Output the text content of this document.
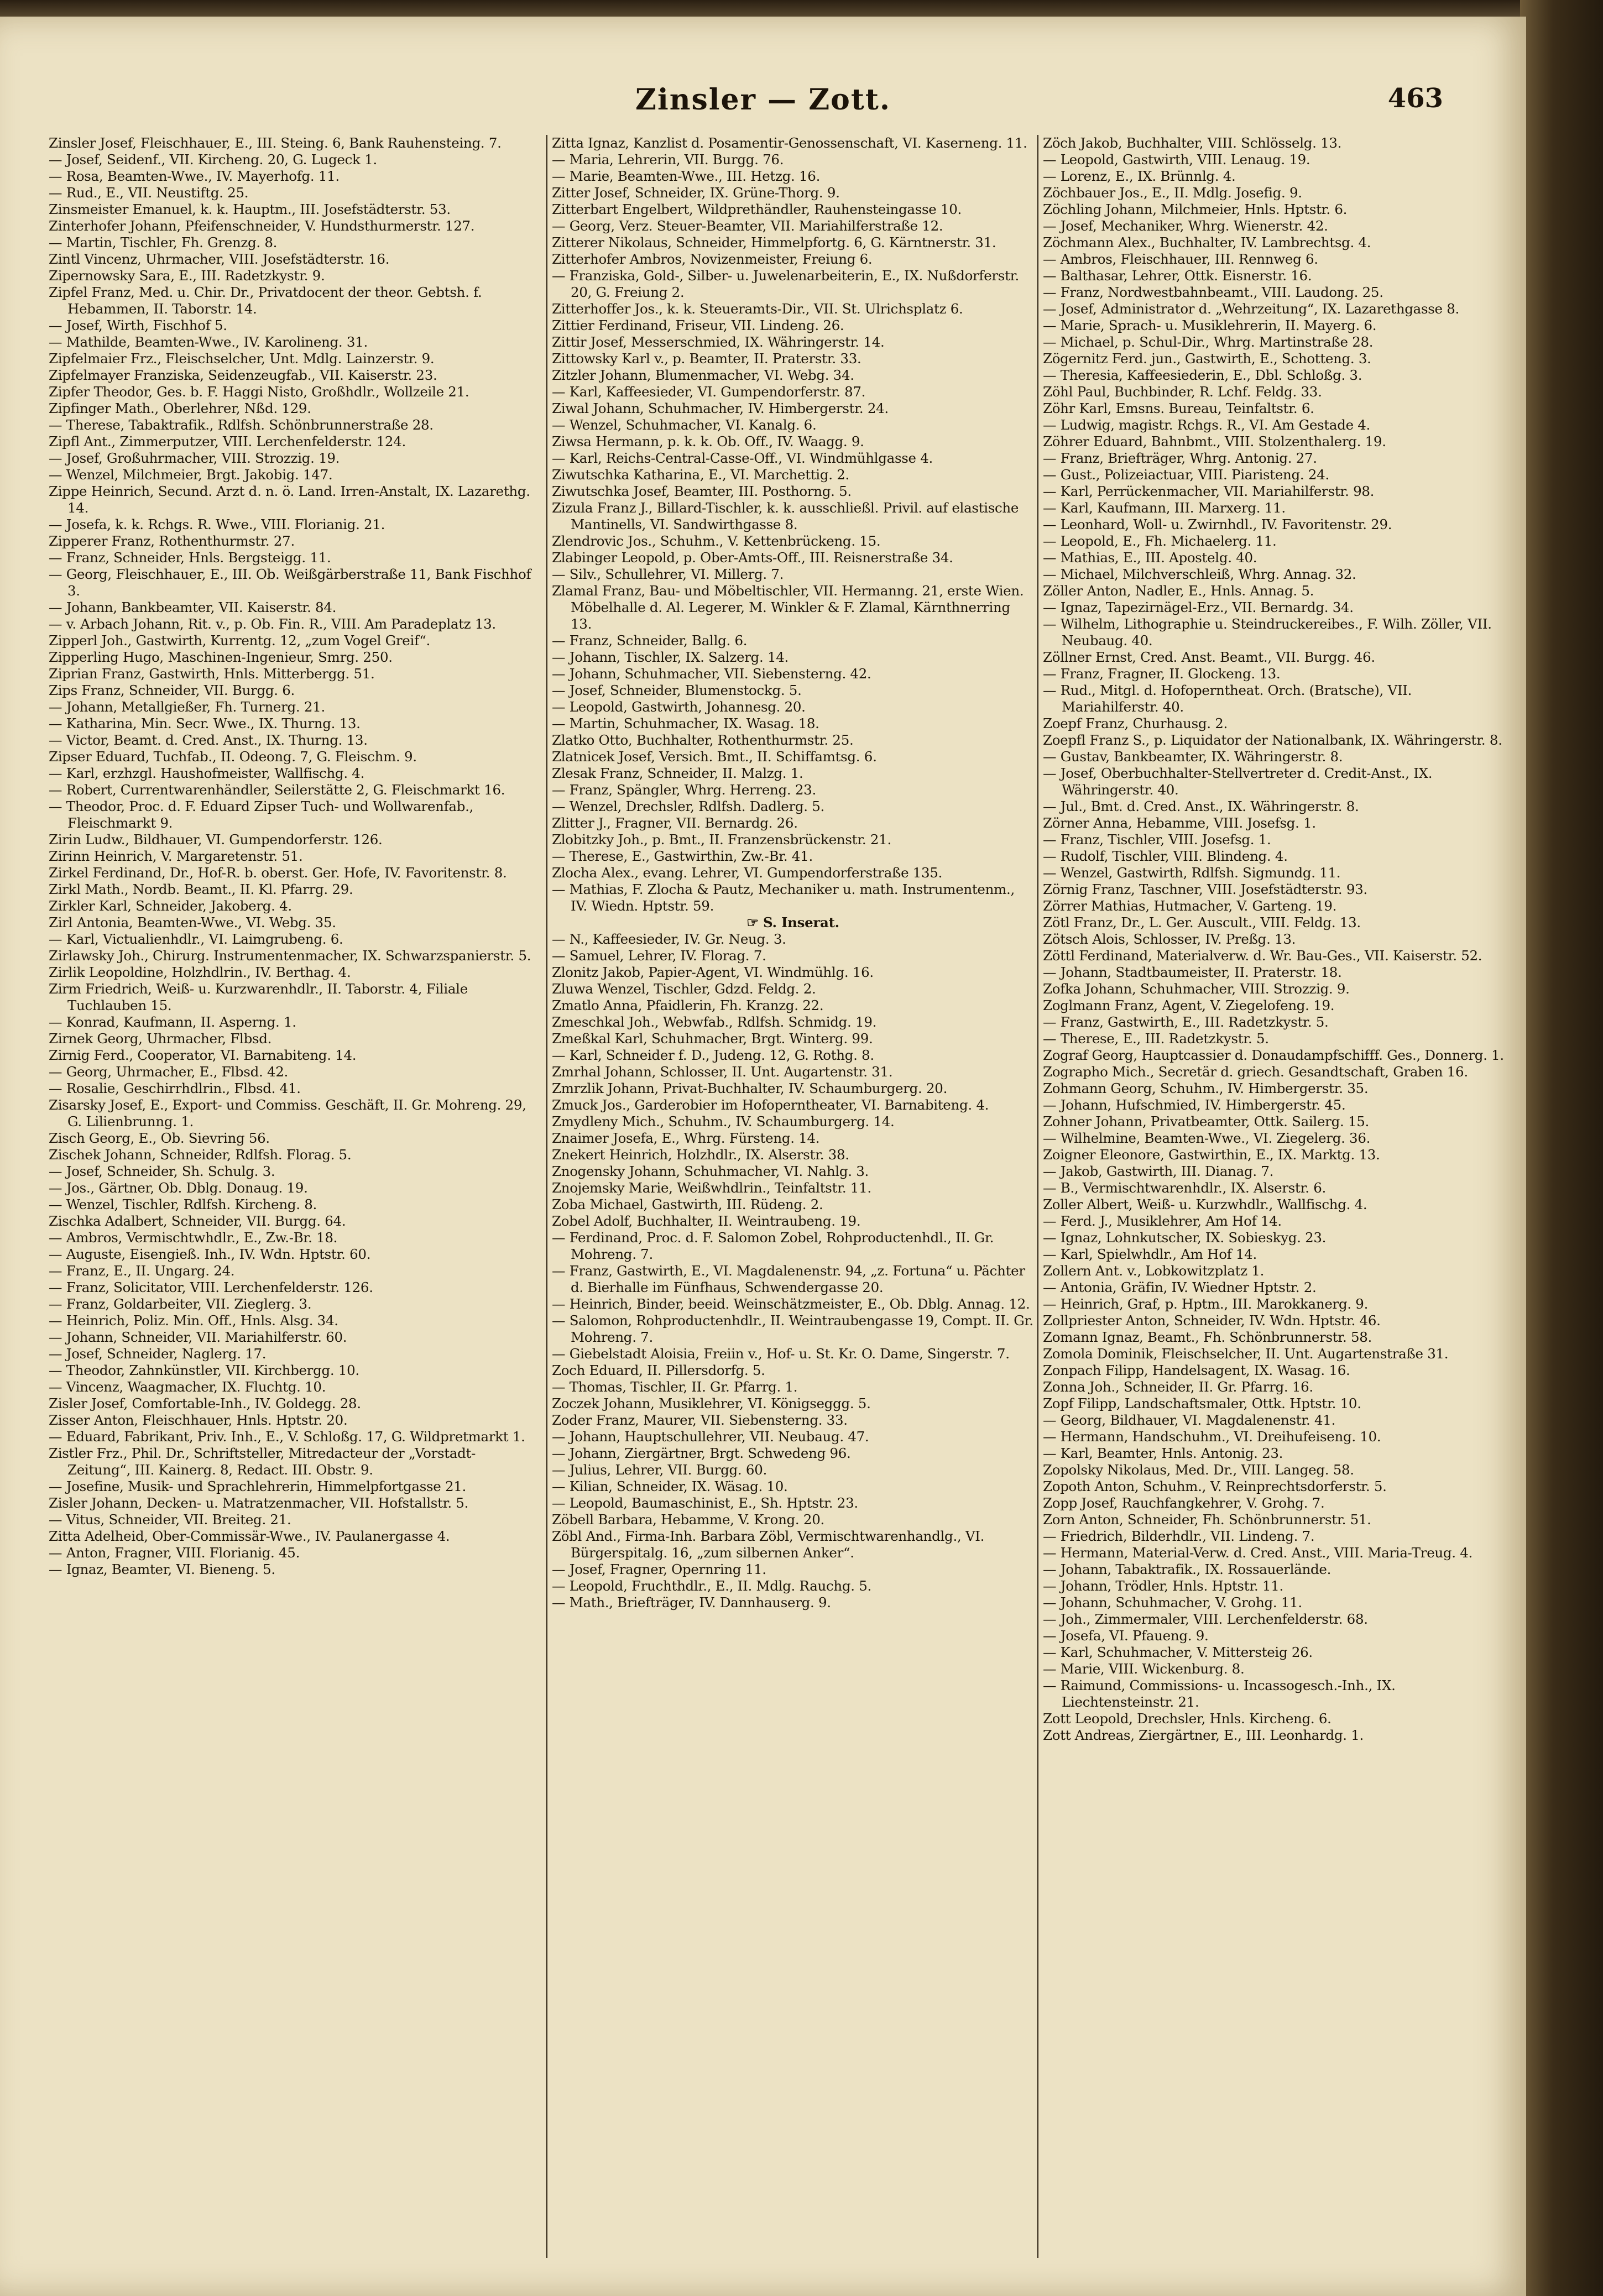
Zinsler — Zott.	463

Zinsler Josef, Fleischhauer, E., III. Steing. 6, Bank Rauhensteing. 7.

— Josef, Seidenf., VII. Kircheng. 20, G. Lugeck 1.

— Rosa, Beamten-Wwe., IV. Mayerhofg. 11.

— Rud., E., VII. Neustiftg. 25.

Zinsmeister Emanuel, k. k. Hauptm., III. Josefstädterstr. 53.

Zinterhofer Johann, Pfeifenschneider, V. Hundsthurmerstr. 127.

— Martin, Tischler, Fh. Grenzg. 8.

Zintl Vincenz, Uhrmacher, VIII. Josefstädterstr. 16.

Zipernowsky Sara, E., III. Radetzkystr. 9.

Zipfel Franz, Med. u. Chir. Dr., Privatdocent der theor. Gebtsh. f. Hebammen, II. Taborstr. 14.

— Josef, Wirth, Fischhof 5.

— Mathilde, Beamten-Wwe., IV. Karolineng. 31.

Zipfelmaier Frz., Fleischselcher, Unt. Mdlg. Lainzerstr. 9.

Zipfelmayer Franziska, Seidenzeugfab., VII. Kaiserstr. 23.

Zipfer Theodor, Ges. b. F. Haggi Nisto, Großhdlr., Wollzeile 21.

Zipfinger Math., Oberlehrer, Nßd. 129.

— Therese, Tabaktrafik., Rdlfsh. Schönbrunnerstraße 28.

Zipfl Ant., Zimmerputzer, VIII. Lerchenfelderstr. 124.

— Josef, Großuhrmacher, VIII. Strozzig. 19.

— Wenzel, Milchmeier, Brgt. Jakobig. 147.

Zippe Heinrich, Secund. Arzt d. n. ö. Land. Irren-Anstalt, IX. Lazarethg. 14.

— Josefa, k. k. Rchgs. R. Wwe., VIII. Florianig. 21.

Zipperer Franz, Rothenthurmstr. 27.

— Franz, Schneider, Hnls. Bergsteigg. 11.

— Georg, Fleischhauer, E., III. Ob. Weißgärberstraße 11, Bank Fischhof 3.

— Johann, Bankbeamter, VII. Kaiserstr. 84.

— v. Arbach Johann, Rit. v., p. Ob. Fin. R., VIII. Am Paradeplatz 13.

Zipperl Joh., Gastwirth, Kurrentg. 12, „zum Vogel Greif“.

Zipperling Hugo, Maschinen-Ingenieur, Smrg. 250.

Ziprian Franz, Gastwirth, Hnls. Mitterbergg. 51.

Zips Franz, Schneider, VII. Burgg. 6.

— Johann, Metallgießer, Fh. Turnerg. 21.

— Katharina, Min. Secr. Wwe., IX. Thurng. 13.

— Victor, Beamt. d. Cred. Anst., IX. Thurng. 13.

Zipser Eduard, Tuchfab., II. Odeong. 7, G. Fleischm. 9.

— Karl, erzhzgl. Haushofmeister, Wallfischg. 4.

— Robert, Currentwarenhändler, Seilerstätte 2, G. Fleischmarkt 16.

— Theodor, Proc. d. F. Eduard Zipser Tuch- und Wollwarenfab., Fleischmarkt 9.

Zirin Ludw., Bildhauer, VI. Gumpendorferstr. 126.

Zirinn Heinrich, V. Margaretenstr. 51.

Zirkel Ferdinand, Dr., Hof-R. b. oberst. Ger. Hofe, IV. Favoritenstr. 8.

Zirkl Math., Nordb. Beamt., II. Kl. Pfarrg. 29.

Zirkler Karl, Schneider, Jakoberg. 4.

Zirl Antonia, Beamten-Wwe., VI. Webg. 35.

— Karl, Victualienhdlr., VI. Laimgrubeng. 6.

Zirlawsky Joh., Chirurg. Instrumentenmacher, IX. Schwarzspanierstr. 5.

Zirlik Leopoldine, Holzhdlrin., IV. Berthag. 4.

Zirm Friedrich, Weiß- u. Kurzwarenhdlr., II. Taborstr. 4, Filiale Tuchlauben 15.

— Konrad, Kaufmann, II. Asperng. 1.

Zirnek Georg, Uhrmacher, Flbsd.

Zirnig Ferd., Cooperator, VI. Barnabiteng. 14.

— Georg, Uhrmacher, E., Flbsd. 42.

— Rosalie, Geschirrhdlrin., Flbsd. 41.

Zisarsky Josef, E., Export- und Commiss. Geschäft, II. Gr. Mohreng. 29, G. Lilienbrunng. 1.

Zisch Georg, E., Ob. Sievring 56.

Zischek Johann, Schneider, Rdlfsh. Florag. 5.

— Josef, Schneider, Sh. Schulg. 3.

— Jos., Gärtner, Ob. Dblg. Donaug. 19.

— Wenzel, Tischler, Rdlfsh. Kircheng. 8.

Zischka Adalbert, Schneider, VII. Burgg. 64.

— Ambros, Vermischtwhdlr., E., Zw.-Br. 18.

— Auguste, Eisengieß. Inh., IV. Wdn. Hptstr. 60.

— Franz, E., II. Ungarg. 24.

— Franz, Solicitator, VIII. Lerchenfelderstr. 126.

— Franz, Goldarbeiter, VII. Zieglerg. 3.

— Heinrich, Poliz. Min. Off., Hnls. Alsg. 34.

— Johann, Schneider, VII. Mariahilferstr. 60.

— Josef, Schneider, Naglerg. 17.

— Theodor, Zahnkünstler, VII. Kirchbergg. 10.

— Vincenz, Waagmacher, IX. Fluchtg. 10.

Zisler Josef, Comfortable-Inh., IV. Goldegg. 28.

Zisser Anton, Fleischhauer, Hnls. Hptstr. 20.

— Eduard, Fabrikant, Priv. Inh., E., V. Schloßg. 17, G. Wildpretmarkt 1.

Zistler Frz., Phil. Dr., Schriftsteller, Mitredacteur der „Vorstadt-Zeitung“, III. Kainerg. 8, Redact. III. Obstr. 9.

— Josefine, Musik- und Sprachlehrerin, Himmelpfortgasse 21.

Zisler Johann, Decken- u. Matratzenmacher, VII. Hofstallstr. 5.

— Vitus, Schneider, VII. Breiteg. 21.

Zitta Adelheid, Ober-Commissär-Wwe., IV. Paulanergasse 4.

— Anton, Fragner, VIII. Florianig. 45.

— Ignaz, Beamter, VI. Bieneng. 5.

Zitta Ignaz, Kanzlist d. Posamentir-Genossenschaft, VI. Kaserneng. 11.

— Maria, Lehrerin, VII. Burgg. 76.

— Marie, Beamten-Wwe., III. Hetzg. 16.

Zitter Josef, Schneider, IX. Grüne-Thorg. 9.

Zitterbart Engelbert, Wildprethändler, Rauhensteingasse 10.

— Georg, Verz. Steuer-Beamter, VII. Mariahilferstraße 12.

Zitterer Nikolaus, Schneider, Himmelpfortg. 6, G. Kärntnerstr. 31.

Zitterhofer Ambros, Novizenmeister, Freiung 6.

— Franziska, Gold-, Silber- u. Juwelenarbeiterin, E., IX. Nußdorferstr. 20, G. Freiung 2.

Zitterhoffer Jos., k. k. Steueramts-Dir., VII. St. Ulrichsplatz 6.

Zittier Ferdinand, Friseur, VII. Lindeng. 26.

Zittir Josef, Messerschmied, IX. Währingerstr. 14.

Zittowsky Karl v., p. Beamter, II. Praterstr. 33.

Zitzler Johann, Blumenmacher, VI. Webg. 34.

— Karl, Kaffeesieder, VI. Gumpendorferstr. 87.

Ziwal Johann, Schuhmacher, IV. Himbergerstr. 24.

— Wenzel, Schuhmacher, VI. Kanalg. 6.

Ziwsa Hermann, p. k. k. Ob. Off., IV. Waagg. 9.

— Karl, Reichs-Central-Casse-Off., VI. Windmühlgasse 4.

Ziwutschka Katharina, E., VI. Marchettig. 2.

Ziwutschka Josef, Beamter, III. Posthorng. 5.

Zizula Franz J., Billard-Tischler, k. k. ausschließl. Privil. auf elastische Mantinells, VI. Sandwirthgasse 8.

Zlendrovic Jos., Schuhm., V. Kettenbrückeng. 15.

Zlabinger Leopold, p. Ober-Amts-Off., III. Reisnerstraße 34.

— Silv., Schullehrer, VI. Millerg. 7.

Zlamal Franz, Bau- und Möbeltischler, VII. Hermanng. 21, erste Wien. Möbelhalle d. Al. Legerer, M. Winkler & F. Zlamal, Kärnthnerring 13.

— Franz, Schneider, Ballg. 6.

— Johann, Tischler, IX. Salzerg. 14.

— Johann, Schuhmacher, VII. Siebensterng. 42.

— Josef, Schneider, Blumenstockg. 5.

— Leopold, Gastwirth, Johannesg. 20.

— Martin, Schuhmacher, IX. Wasag. 18.

Zlatko Otto, Buchhalter, Rothenthurmstr. 25.

Zlatnicek Josef, Versich. Bmt., II. Schiffamtsg. 6.

Zlesak Franz, Schneider, II. Malzg. 1.

— Franz, Spängler, Whrg. Herreng. 23.

— Wenzel, Drechsler, Rdlfsh. Dadlerg. 5.

Zlitter J., Fragner, VII. Bernardg. 26.

Zlobitzky Joh., p. Bmt., II. Franzensbrückenstr. 21.

— Therese, E., Gastwirthin, Zw.-Br. 41.

Zlocha Alex., evang. Lehrer, VI. Gumpendorferstraße 135.

— Mathias, F. Zlocha & Pautz, Mechaniker u. math. Instrumentenm., IV. Wiedn. Hptstr. 59.

☞ S. Inserat.

— N., Kaffeesieder, IV. Gr. Neug. 3.

— Samuel, Lehrer, IV. Florag. 7.

Zlonitz Jakob, Papier-Agent, VI. Windmühlg. 16.

Zluwa Wenzel, Tischler, Gdzd. Feldg. 2.

Zmatlo Anna, Pfaidlerin, Fh. Kranzg. 22.

Zmeschkal Joh., Webwfab., Rdlfsh. Schmidg. 19.

Zmeßkal Karl, Schuhmacher, Brgt. Winterg. 99.

— Karl, Schneider f. D., Judeng. 12, G. Rothg. 8.

Zmrhal Johann, Schlosser, II. Unt. Augartenstr. 31.

Zmrzlik Johann, Privat-Buchhalter, IV. Schaumburgerg. 20.

Zmuck Jos., Garderobier im Hofoperntheater, VI. Barnabiteng. 4.

Zmydleny Mich., Schuhm., IV. Schaumburgerg. 14.

Znaimer Josefa, E., Whrg. Fürsteng. 14.

Znekert Heinrich, Holzhdlr., IX. Alserstr. 38.

Znogensky Johann, Schuhmacher, VI. Nahlg. 3.

Znojemsky Marie, Weißwhdlrin., Teinfaltstr. 11.

Zoba Michael, Gastwirth, III. Rüdeng. 2.

Zobel Adolf, Buchhalter, II. Weintraubeng. 19.

— Ferdinand, Proc. d. F. Salomon Zobel, Rohproductenhdl., II. Gr. Mohreng. 7.

— Franz, Gastwirth, E., VI. Magdalenenstr. 94, „z. Fortuna“ u. Pächter d. Bierhalle im Fünfhaus, Schwendergasse 20.

— Heinrich, Binder, beeid. Weinschätzmeister, E., Ob. Dblg. Annag. 12.

— Salomon, Rohproductenhdlr., II. Weintraubengasse 19, Compt. II. Gr. Mohreng. 7.

— Giebelstadt Aloisia, Freiin v., Hof- u. St. Kr. O. Dame, Singerstr. 7.

Zoch Eduard, II. Pillersdorfg. 5.

— Thomas, Tischler, II. Gr. Pfarrg. 1.

Zoczek Johann, Musiklehrer, VI. Königseggg. 5.

Zoder Franz, Maurer, VII. Siebensterng. 33.

— Johann, Hauptschullehrer, VII. Neubaug. 47.

— Johann, Ziergärtner, Brgt. Schwedeng 96.

— Julius, Lehrer, VII. Burgg. 60.

— Kilian, Schneider, IX. Wäsag. 10.

— Leopold, Baumaschinist, E., Sh. Hptstr. 23.

Zöbell Barbara, Hebamme, V. Krong. 20.

Zöbl And., Firma-Inh. Barbara Zöbl, Vermischtwarenhandlg., VI. Bürgerspitalg. 16, „zum silbernen Anker“.

— Josef, Fragner, Opernring 11.

— Leopold, Fruchthdlr., E., II. Mdlg. Rauchg. 5.

— Math., Briefträger, IV. Dannhauserg. 9.

Zöch Jakob, Buchhalter, VIII. Schlösselg. 13.

— Leopold, Gastwirth, VIII. Lenaug. 19.

— Lorenz, E., IX. Brünnlg. 4.

Zöchbauer Jos., E., II. Mdlg. Josefig. 9.

Zöchling Johann, Milchmeier, Hnls. Hptstr. 6.

— Josef, Mechaniker, Whrg. Wienerstr. 42.

Zöchmann Alex., Buchhalter, IV. Lambrechtsg. 4.

— Ambros, Fleischhauer, III. Rennweg 6.

— Balthasar, Lehrer, Ottk. Eisnerstr. 16.

— Franz, Nordwestbahnbeamt., VIII. Laudong. 25.

— Josef, Administrator d. „Wehrzeitung“, IX. Lazarethgasse 8.

— Marie, Sprach- u. Musiklehrerin, II. Mayerg. 6.

— Michael, p. Schul-Dir., Whrg. Martinstraße 28.

Zögernitz Ferd. jun., Gastwirth, E., Schotteng. 3.

— Theresia, Kaffeesiederin, E., Dbl. Schloßg. 3.

Zöhl Paul, Buchbinder, R. Lchf. Feldg. 33.

Zöhr Karl, Emsns. Bureau, Teinfaltstr. 6.

— Ludwig, magistr. Rchgs. R., VI. Am Gestade 4.

Zöhrer Eduard, Bahnbmt., VIII. Stolzenthalerg. 19.

— Franz, Briefträger, Whrg. Antonig. 27.

— Gust., Polizeiactuar, VIII. Piaristeng. 24.

— Karl, Perrückenmacher, VII. Mariahilferstr. 98.

— Karl, Kaufmann, III. Marxerg. 11.

— Leonhard, Woll- u. Zwirnhdl., IV. Favoritenstr. 29.

— Leopold, E., Fh. Michaelerg. 11.

— Mathias, E., III. Apostelg. 40.

— Michael, Milchverschleiß, Whrg. Annag. 32.

Zöller Anton, Nadler, E., Hnls. Annag. 5.

— Ignaz, Tapezirnägel-Erz., VII. Bernardg. 34.

— Wilhelm, Lithographie u. Steindruckereibes., F. Wilh. Zöller, VII. Neubaug. 40.

Zöllner Ernst, Cred. Anst. Beamt., VII. Burgg. 46.

— Franz, Fragner, II. Glockeng. 13.

— Rud., Mitgl. d. Hofoperntheat. Orch. (Bratsche), VII. Mariahilferstr. 40.

Zoepf Franz, Churhausg. 2.

Zoepfl Franz S., p. Liquidator der Nationalbank, IX. Währingerstr. 8.

— Gustav, Bankbeamter, IX. Währingerstr. 8.

— Josef, Oberbuchhalter-Stellvertreter d. Credit-Anst., IX. Währingerstr. 40.

— Jul., Bmt. d. Cred. Anst., IX. Währingerstr. 8.

Zörner Anna, Hebamme, VIII. Josefsg. 1.

— Franz, Tischler, VIII. Josefsg. 1.

— Rudolf, Tischler, VIII. Blindeng. 4.

— Wenzel, Gastwirth, Rdlfsh. Sigmundg. 11.

Zörnig Franz, Taschner, VIII. Josefstädterstr. 93.

Zörrer Mathias, Hutmacher, V. Garteng. 19.

Zötl Franz, Dr., L. Ger. Auscult., VIII. Feldg. 13.

Zötsch Alois, Schlosser, IV. Preßg. 13.

Zöttl Ferdinand, Materialverw. d. Wr. Bau-Ges., VII. Kaiserstr. 52.

— Johann, Stadtbaumeister, II. Praterstr. 18.

Zofka Johann, Schuhmacher, VIII. Strozzig. 9.

Zoglmann Franz, Agent, V. Ziegelofeng. 19.

— Franz, Gastwirth, E., III. Radetzkystr. 5.

— Therese, E., III. Radetzkystr. 5.

Zograf Georg, Hauptcassier d. Donaudampfschifff. Ges., Donnerg. 1.

Zographo Mich., Secretär d. griech. Gesandtschaft, Graben 16.

Zohmann Georg, Schuhm., IV. Himbergerstr. 35.

— Johann, Hufschmied, IV. Himbergerstr. 45.

Zohner Johann, Privatbeamter, Ottk. Sailerg. 15.

— Wilhelmine, Beamten-Wwe., VI. Ziegelerg. 36.

Zoigner Eleonore, Gastwirthin, E., IX. Marktg. 13.

— Jakob, Gastwirth, III. Dianag. 7.

— B., Vermischtwarenhdlr., IX. Alserstr. 6.

Zoller Albert, Weiß- u. Kurzwhdlr., Wallfischg. 4.

— Ferd. J., Musiklehrer, Am Hof 14.

— Ignaz, Lohnkutscher, IX. Sobieskyg. 23.

— Karl, Spielwhdlr., Am Hof 14.

Zollern Ant. v., Lobkowitzplatz 1.

— Antonia, Gräfin, IV. Wiedner Hptstr. 2.

— Heinrich, Graf, p. Hptm., III. Marokkanerg. 9.

Zollpriester Anton, Schneider, IV. Wdn. Hptstr. 46.

Zomann Ignaz, Beamt., Fh. Schönbrunnerstr. 58.

Zomola Dominik, Fleischselcher, II. Unt. Augartenstraße 31.

Zonpach Filipp, Handelsagent, IX. Wasag. 16.

Zonna Joh., Schneider, II. Gr. Pfarrg. 16.

Zopf Filipp, Landschaftsmaler, Ottk. Hptstr. 10.

— Georg, Bildhauer, VI. Magdalenenstr. 41.

— Hermann, Handschuhm., VI. Dreihufeiseng. 10.

— Karl, Beamter, Hnls. Antonig. 23.

Zopolsky Nikolaus, Med. Dr., VIII. Langeg. 58.

Zopoth Anton, Schuhm., V. Reinprechtsdorferstr. 5.

Zopp Josef, Rauchfangkehrer, V. Grohg. 7.

Zorn Anton, Schneider, Fh. Schönbrunnerstr. 51.

— Friedrich, Bilderhdlr., VII. Lindeng. 7.

— Hermann, Material-Verw. d. Cred. Anst., VIII. Maria-Treug. 4.

— Johann, Tabaktrafik., IX. Rossauerlände.

— Johann, Trödler, Hnls. Hptstr. 11.

— Johann, Schuhmacher, V. Grohg. 11.

— Joh., Zimmermaler, VIII. Lerchenfelderstr. 68.

— Josefa, VI. Pfaueng. 9.

— Karl, Schuhmacher, V. Mittersteig 26.

— Marie, VIII. Wickenburg. 8.

— Raimund, Commissions- u. Incassogesch.-Inh., IX. Liechtensteinstr. 21.

Zott Leopold, Drechsler, Hnls. Kircheng. 6.

Zott Andreas, Ziergärtner, E., III. Leonhardg. 1.
